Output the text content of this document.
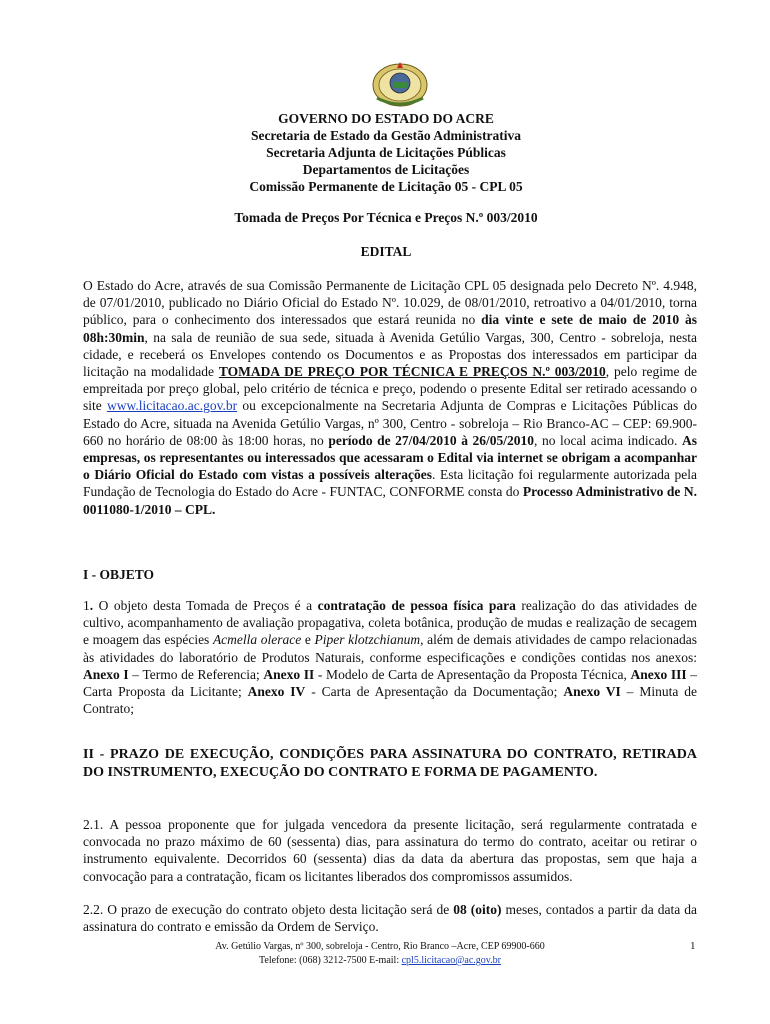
GOVERNO DO ESTADO DO ACRE
Secretaria de Estado da Gestão Administrativa
Secretaria Adjunta de Licitações Públicas
Departamentos de Licitações
Comissão Permanente de Licitação 05 - CPL 05
Tomada de Preços Por Técnica e Preços N.º 003/2010
EDITAL
O Estado do Acre, através de sua Comissão Permanente de Licitação CPL 05 designada pelo Decreto Nº. 4.948, de 07/01/2010, publicado no Diário Oficial do Estado Nº. 10.029, de 08/01/2010, retroativo a 04/01/2010, torna público, para o conhecimento dos interessados que estará reunida no dia vinte e sete de maio de 2010 às 08h:30min, na sala de reunião de sua sede, situada à Avenida Getúlio Vargas, 300, Centro - sobreloja, nesta cidade, e receberá os Envelopes contendo os Documentos e as Propostas dos interessados em participar da licitação na modalidade TOMADA DE PREÇO POR TÉCNICA E PREÇOS N.º 003/2010, pelo regime de empreitada por preço global, pelo critério de técnica e preço, podendo o presente Edital ser retirado acessando o site www.licitacao.ac.gov.br ou excepcionalmente na Secretaria Adjunta de Compras e Licitações Públicas do Estado do Acre, situada na Avenida Getúlio Vargas, nº 300, Centro - sobreloja – Rio Branco-AC – CEP: 69.900-660 no horário de 08:00 às 18:00 horas, no período de 27/04/2010 à 26/05/2010, no local acima indicado. As empresas, os representantes ou interessados que acessaram o Edital via internet se obrigam a acompanhar o Diário Oficial do Estado com vistas a possíveis alterações. Esta licitação foi regularmente autorizada pela Fundação de Tecnologia do Estado do Acre - FUNTAC, CONFORME consta do Processo Administrativo de N. 0011080-1/2010 – CPL.
I - OBJETO
1. O objeto desta Tomada de Preços é a contratação de pessoa física para realização do das atividades de cultivo, acompanhamento de avaliação propagativa, coleta botânica, produção de mudas e realização de secagem e moagem das espécies Acmella olerace e Piper klotzchianum, além de demais atividades de campo relacionadas às atividades do laboratório de Produtos Naturais, conforme especificações e condições contidas nos anexos: Anexo I – Termo de Referencia; Anexo II - Modelo de Carta de Apresentação da Proposta Técnica, Anexo III – Carta Proposta da Licitante; Anexo IV - Carta de Apresentação da Documentação; Anexo VI – Minuta de Contrato;
II - PRAZO DE EXECUÇÃO, CONDIÇÕES PARA ASSINATURA DO CONTRATO, RETIRADA DO INSTRUMENTO, EXECUÇÃO DO CONTRATO E FORMA DE PAGAMENTO.
2.1. A pessoa proponente que for julgada vencedora da presente licitação, será regularmente contratada e convocada no prazo máximo de 60 (sessenta) dias, para assinatura do termo do contrato, aceitar ou retirar o instrumento equivalente. Decorridos 60 (sessenta) dias da data da abertura das propostas, sem que haja a convocação para a contratação, ficam os licitantes liberados dos compromissos assumidos.
2.2. O prazo de execução do contrato objeto desta licitação será de 08 (oito) meses, contados a partir da data da assinatura do contrato e emissão da Ordem de Serviço.
Av. Getúlio Vargas, nº 300, sobreloja - Centro, Rio Branco –Acre, CEP 69900-660
Telefone: (068) 3212-7500 E-mail: cpl5.licitacao@ac.gov.br
1
